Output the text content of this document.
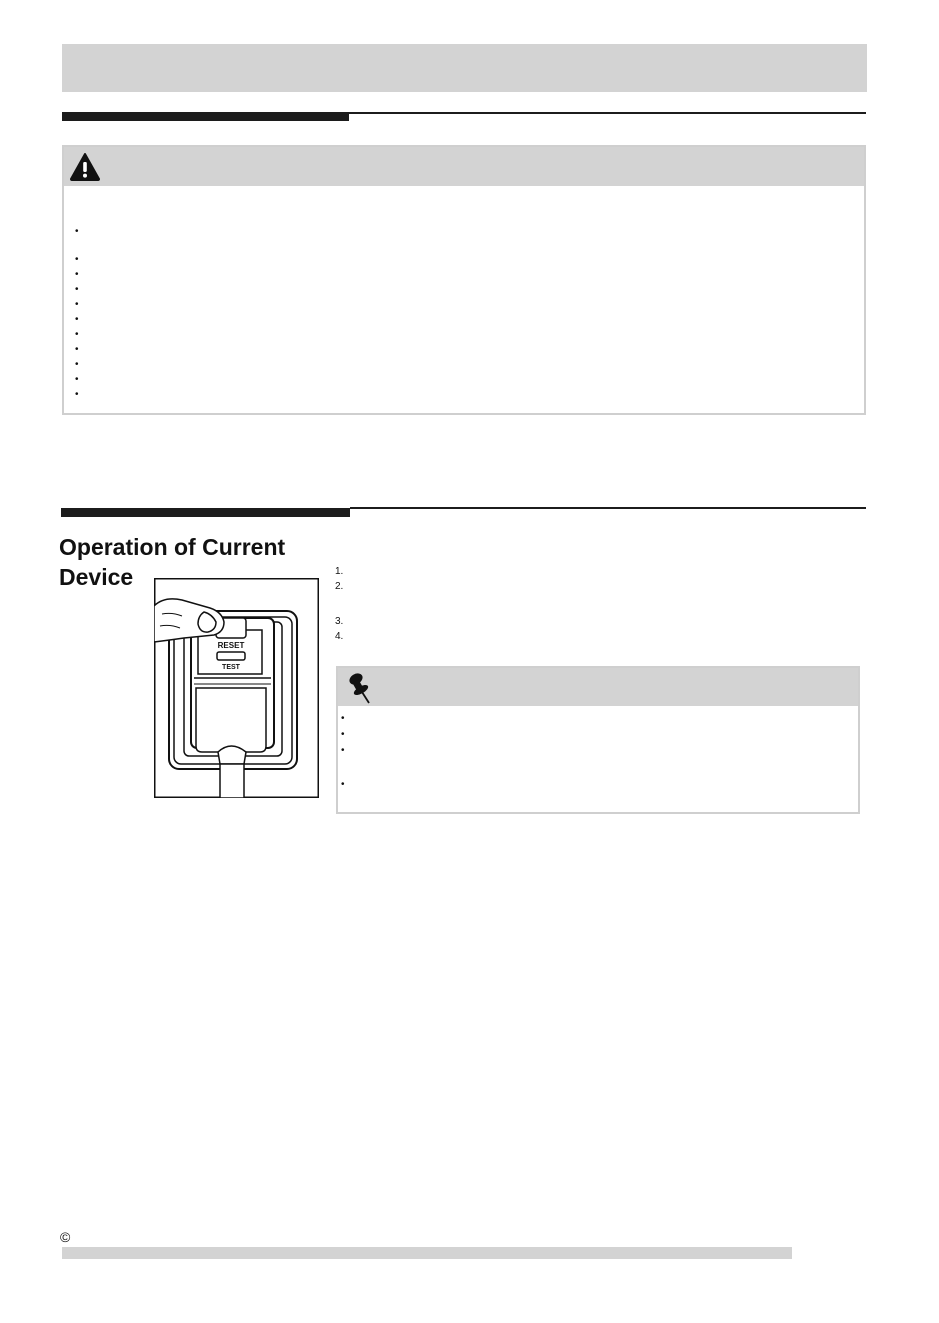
•
•
•
•
•
•
•
•
•
•
•
Operation of Current
Device
RESET
TEST
1.
2.
3.
4.
•
•
•
•
©
